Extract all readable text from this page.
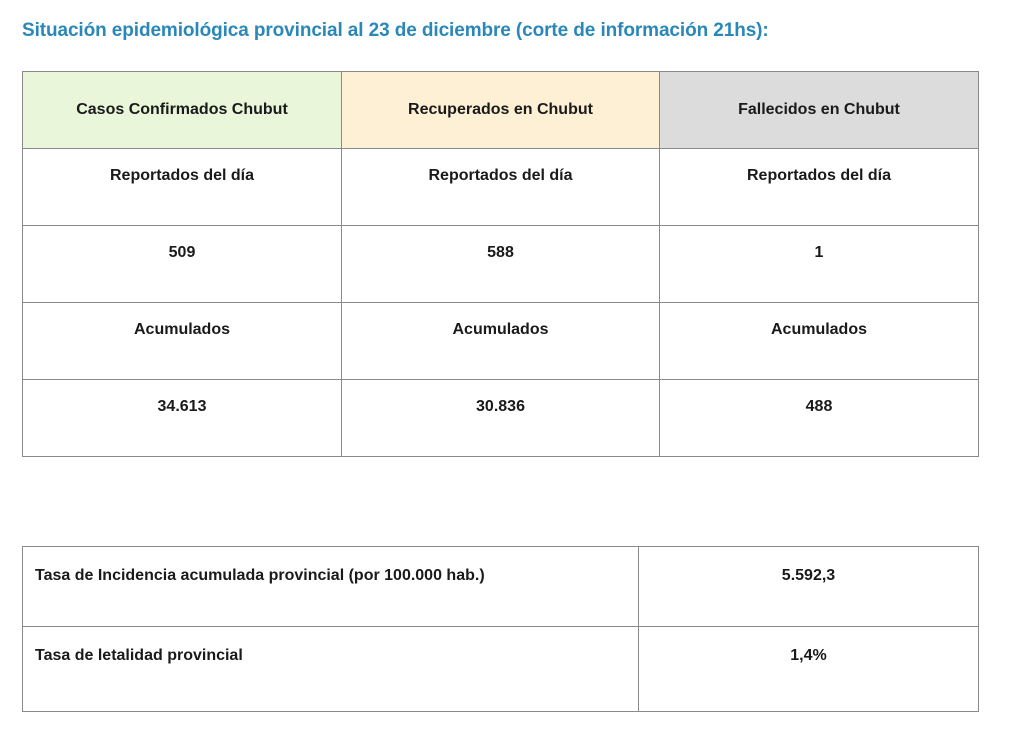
Situación epidemiológica provincial al 23 de diciembre (corte de información 21hs):
Casos Confirmados Chubut	Recuperados en Chubut	Fallecidos en Chubut
Reportados del día	Reportados del día	Reportados del día
509	588	1
Acumulados	Acumulados	Acumulados
34.613	30.836	488
Tasa de Incidencia acumulada provincial (por 100.000 hab.)	5.592,3
Tasa de letalidad provincial	1,4%
